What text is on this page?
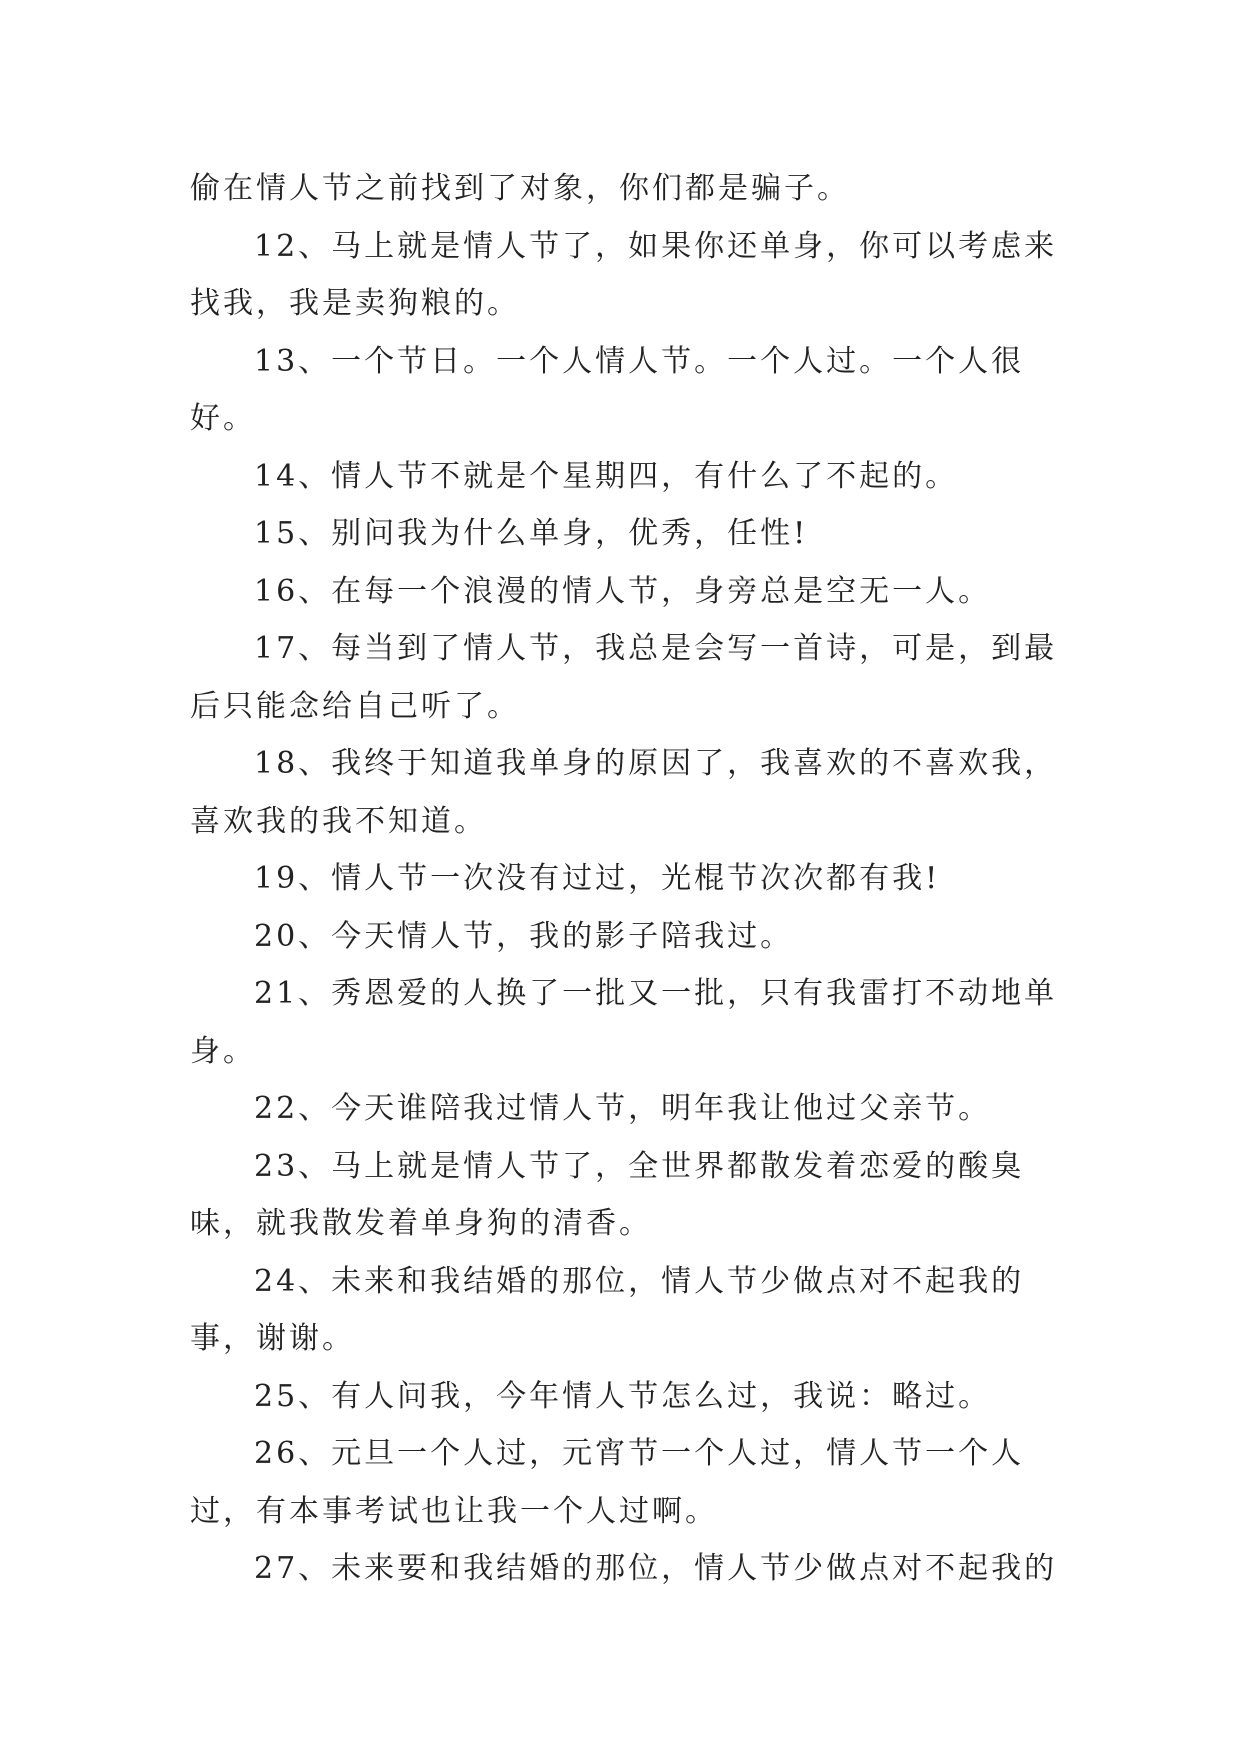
偷在情人节之前找到了对象，你们都是骗子。

12、马上就是情人节了，如果你还单身，你可以考虑来找我，我是卖狗粮的。

13、一个节日。一个人情人节。一个人过。一个人很好。

14、情人节不就是个星期四，有什么了不起的。

15、别问我为什么单身，优秀，任性!

16、在每一个浪漫的情人节，身旁总是空无一人。

17、每当到了情人节，我总是会写一首诗，可是，到最后只能念给自己听了。

18、我终于知道我单身的原因了，我喜欢的不喜欢我，喜欢我的我不知道。

19、情人节一次没有过过，光棍节次次都有我!

20、今天情人节，我的影子陪我过。

21、秀恩爱的人换了一批又一批，只有我雷打不动地单身。

22、今天谁陪我过情人节，明年我让他过父亲节。

23、马上就是情人节了，全世界都散发着恋爱的酸臭味，就我散发着单身狗的清香。

24、未来和我结婚的那位，情人节少做点对不起我的事，谢谢。

25、有人问我，今年情人节怎么过，我说：略过。

26、元旦一个人过，元宵节一个人过，情人节一个人过，有本事考试也让我一个人过啊。

27、未来要和我结婚的那位，情人节少做点对不起我的
